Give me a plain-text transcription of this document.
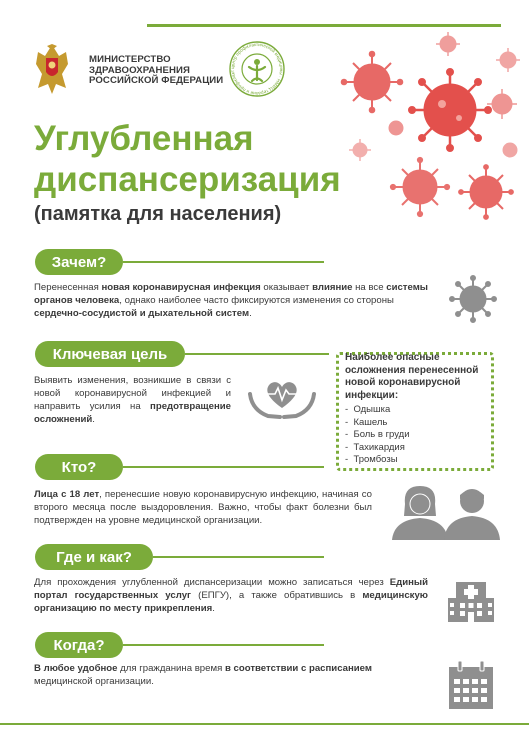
МИНИСТЕРСТВО
ЗДРАВООХРАНЕНИЯ
РОССИЙСКОЙ ФЕДЕРАЦИИ
центр профилактической медицины · НМИЦ терапии и профилакт
Углубленная
диспансеризация
(памятка для населения)
Зачем?
Перенесенная новая коронавирусная инфекция оказывает влияние на все системы органов человека, однако наиболее часто фиксируются изменения со стороны сердечно-сосудистой и дыхательной систем.
Ключевая цель
Выявить изменения, возникшие в связи с новой коронавирусной инфекцией и направить усилия на предотвращение осложнений.
Наиболее опасные
осложнения перенесенной
новой коронавирусной
инфекции:
-  Одышка
-  Кашель
-  Боль в груди
-  Тахикардия
-  Тромбозы
Кто?
Лица с 18 лет, перенесшие новую коронавирусную инфекцию, начиная со второго месяца после выздоровления. Важно, чтобы факт болезни был подтвержден на уровне медицинской организации.
Где и как?
Для прохождения углубленной диспансеризации можно записаться через Единый портал государственных услуг (ЕПГУ), а также обратившись в медицинскую организацию по месту прикрепления.
Когда?
В любое удобное для гражданина время в соответствии с расписанием медицинской организации.
